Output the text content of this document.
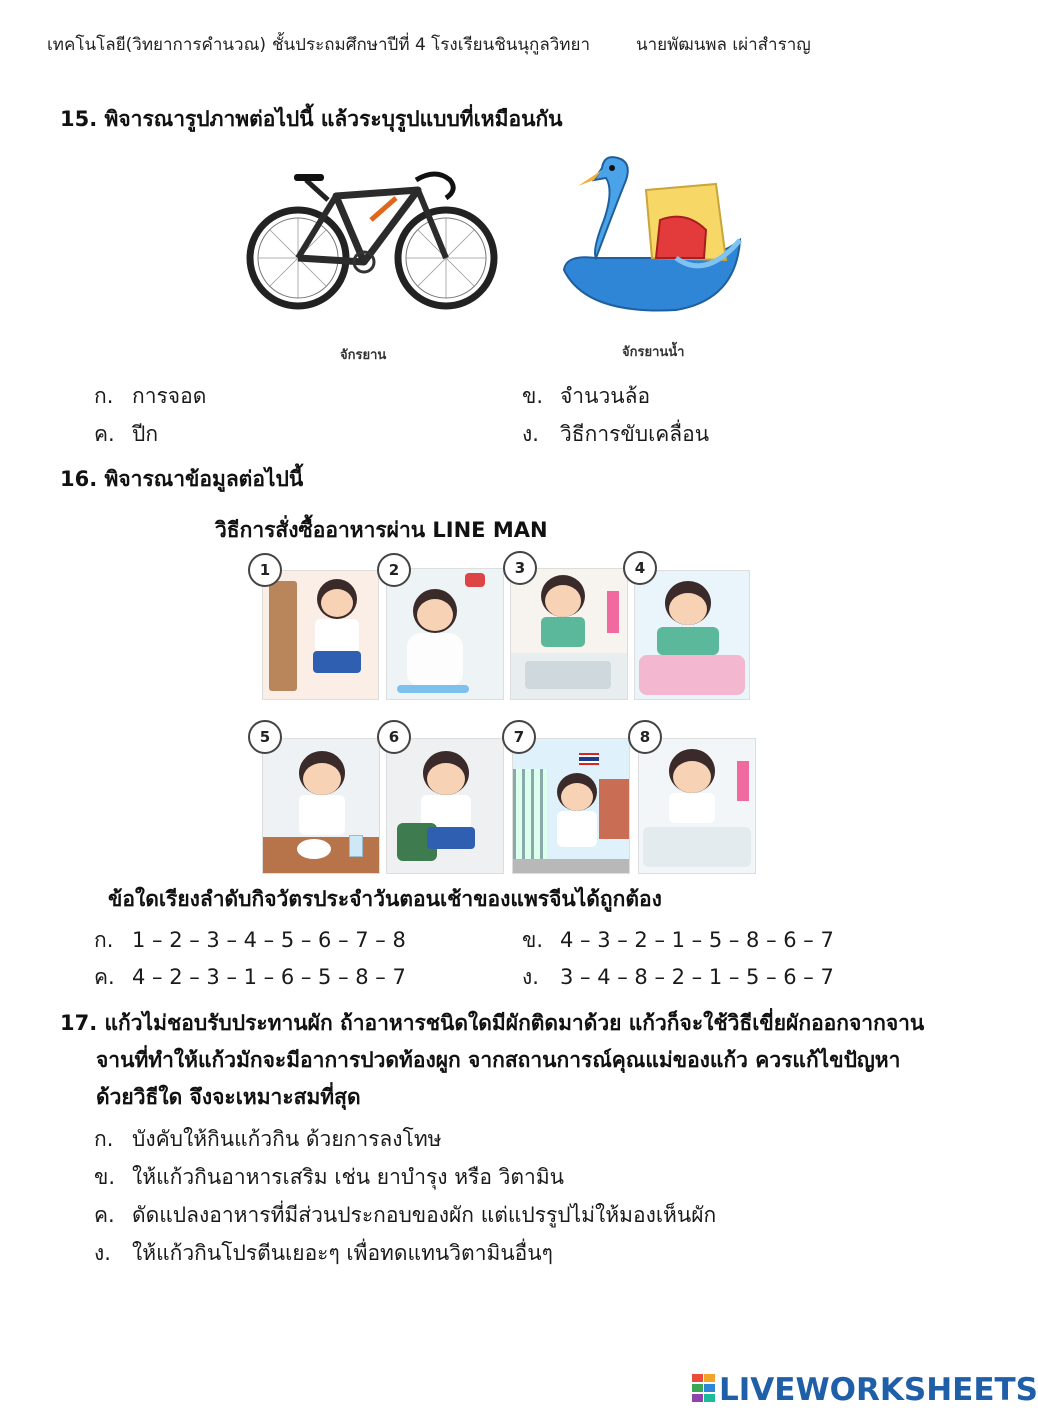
เทคโนโลยี(วิทยาการคำนวณ) ชั้นประถมศึกษาปีที่ 4 โรงเรียนชินนุกูลวิทยา	นายพัฒนพล เผ่าสำราญ
15. พิจารณารูปภาพต่อไปนี้ แล้วระบุรูปแบบที่เหมือนกัน
จักรยาน	จักรยานน้ำ
ก. การจอด	ข. จำนวนล้อ
ค. ปีก	ง. วิธีการขับเคลื่อน
16. พิจารณาข้อมูลต่อไปนี้
วิธีการสั่งซื้ออาหารผ่าน LINE MAN
1	2	3	4
5	6	7	8
ข้อใดเรียงลำดับกิจวัตรประจำวันตอนเช้าของแพรจีนได้ถูกต้อง
ก. 1 – 2 – 3 – 4 – 5 – 6 – 7 – 8	ข. 4 – 3 – 2 – 1 – 5 – 8 – 6 – 7
ค. 4 – 2 – 3 – 1 – 6 – 5 – 8 – 7	ง. 3 – 4 – 8 – 2 – 1 – 5 – 6 – 7
17. แก้วไม่ชอบรับประทานผัก ถ้าอาหารชนิดใดมีผักติดมาด้วย แก้วก็จะใช้วิธีเขี่ยผักออกจากจาน
จานที่ทำให้แก้วมักจะมีอาการปวดท้องผูก จากสถานการณ์คุณแม่ของแก้ว ควรแก้ไขปัญหา
ด้วยวิธีใด จึงจะเหมาะสมที่สุด
ก. บังคับให้กินแก้วกิน ด้วยการลงโทษ
ข. ให้แก้วกินอาหารเสริม เช่น ยาบำรุง หรือ วิตามิน
ค. ดัดแปลงอาหารที่มีส่วนประกอบของผัก แต่แปรรูปไม่ให้มองเห็นผัก
ง. ให้แก้วกินโปรตีนเยอะๆ เพื่อทดแทนวิตามินอื่นๆ
LIVEWORKSHEETS
